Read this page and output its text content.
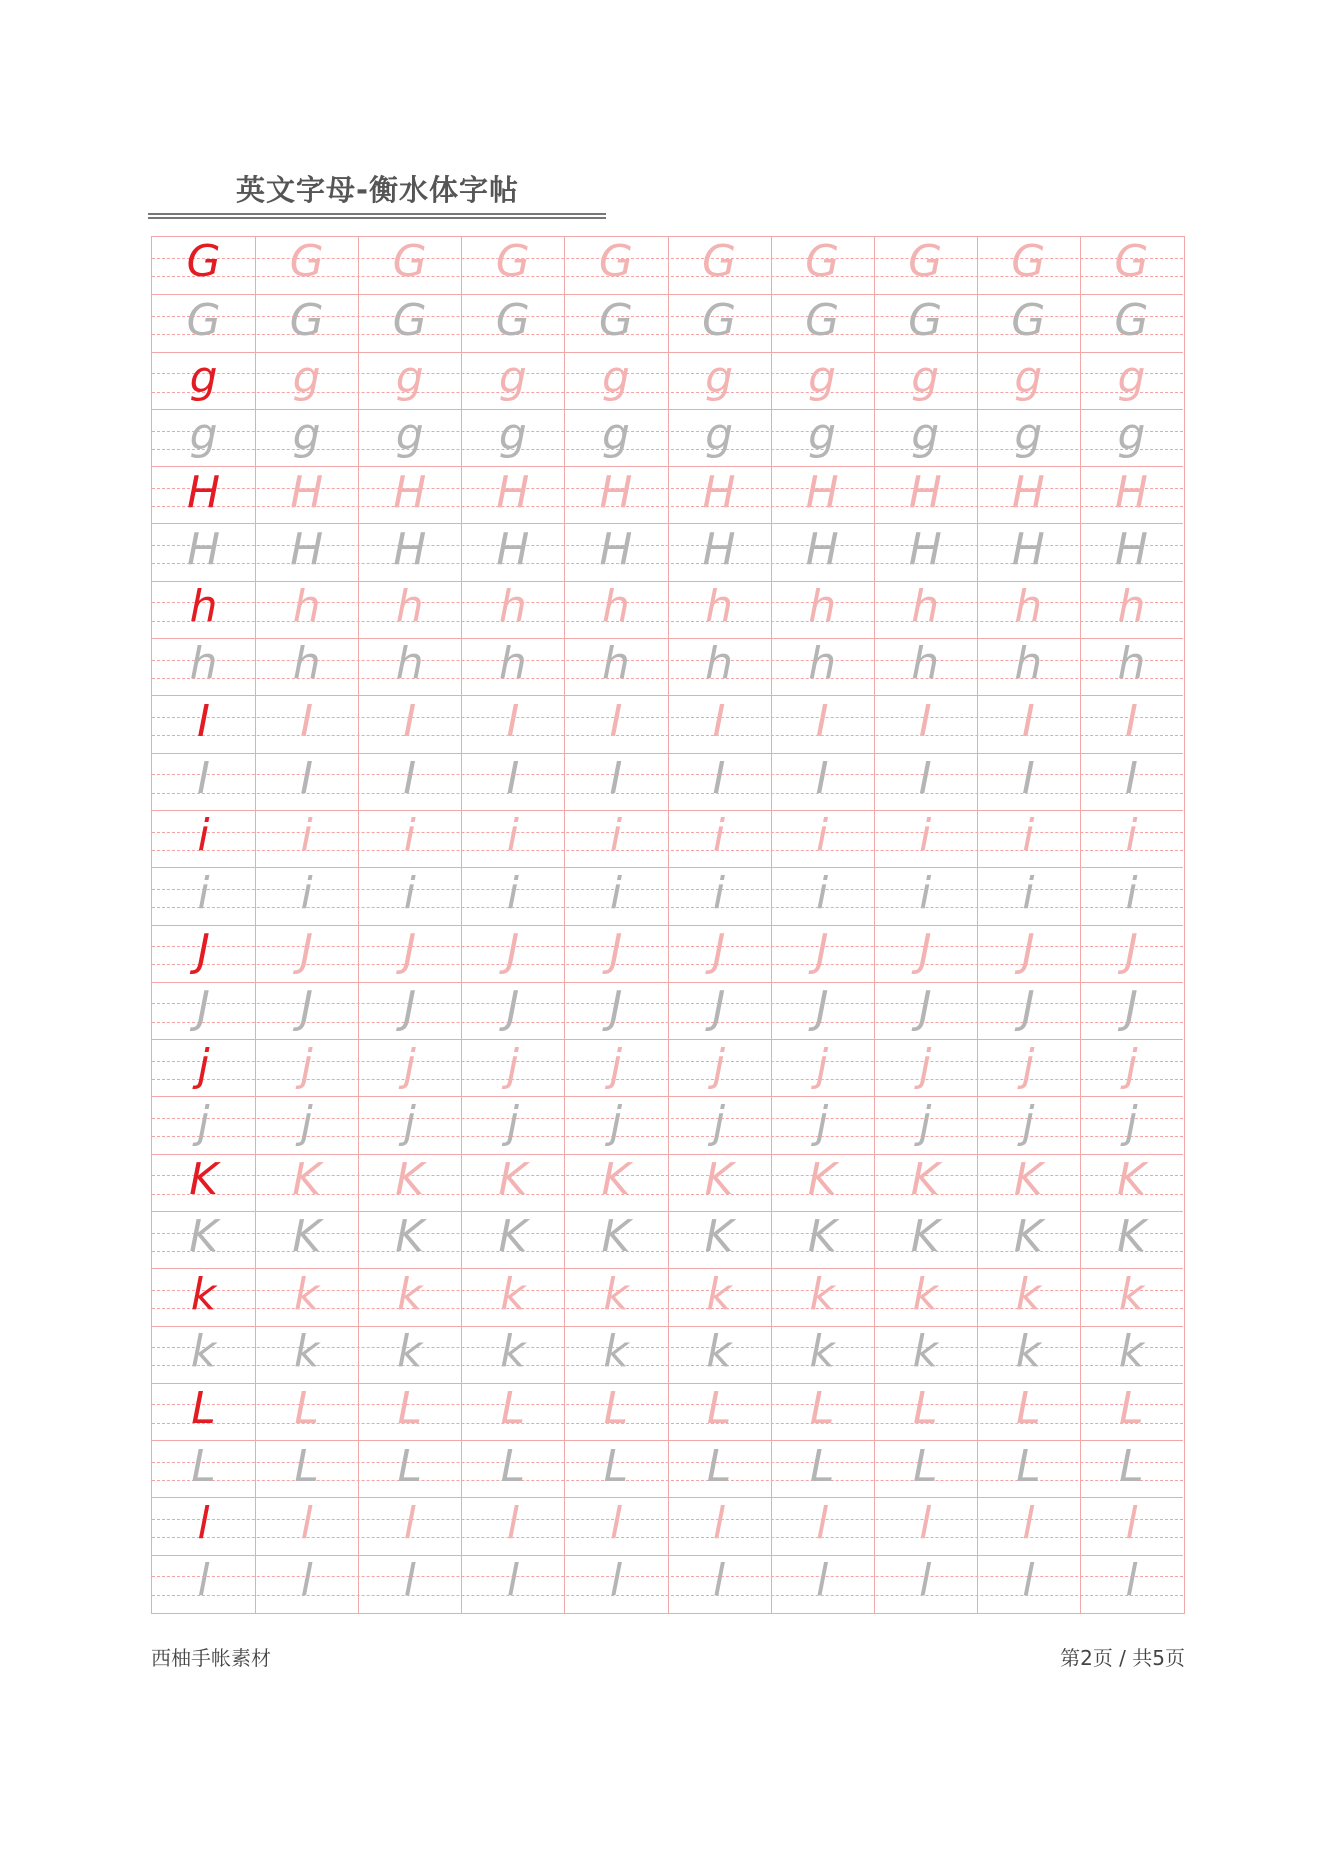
英文字母-衡水体字帖
G	G	G	G	G	G	G	G	G	G
G	G	G	G	G	G	G	G	G	G
g	g	g	g	g	g	g	g	g	g
g	g	g	g	g	g	g	g	g	g
H	H	H	H	H	H	H	H	H	H
H	H	H	H	H	H	H	H	H	H
h	h	h	h	h	h	h	h	h	h
h	h	h	h	h	h	h	h	h	h
I	I	I	I	I	I	I	I	I	I
I	I	I	I	I	I	I	I	I	I
i	i	i	i	i	i	i	i	i	i
i	i	i	i	i	i	i	i	i	i
J	J	J	J	J	J	J	J	J	J
J	J	J	J	J	J	J	J	J	J
j	j	j	j	j	j	j	j	j	j
j	j	j	j	j	j	j	j	j	j
K	K	K	K	K	K	K	K	K	K
K	K	K	K	K	K	K	K	K	K
k	k	k	k	k	k	k	k	k	k
k	k	k	k	k	k	k	k	k	k
L	L	L	L	L	L	L	L	L	L
L	L	L	L	L	L	L	L	L	L
l	l	l	l	l	l	l	l	l	l
l	l	l	l	l	l	l	l	l	l
西柚手帐素材	第2页 / 共5页
